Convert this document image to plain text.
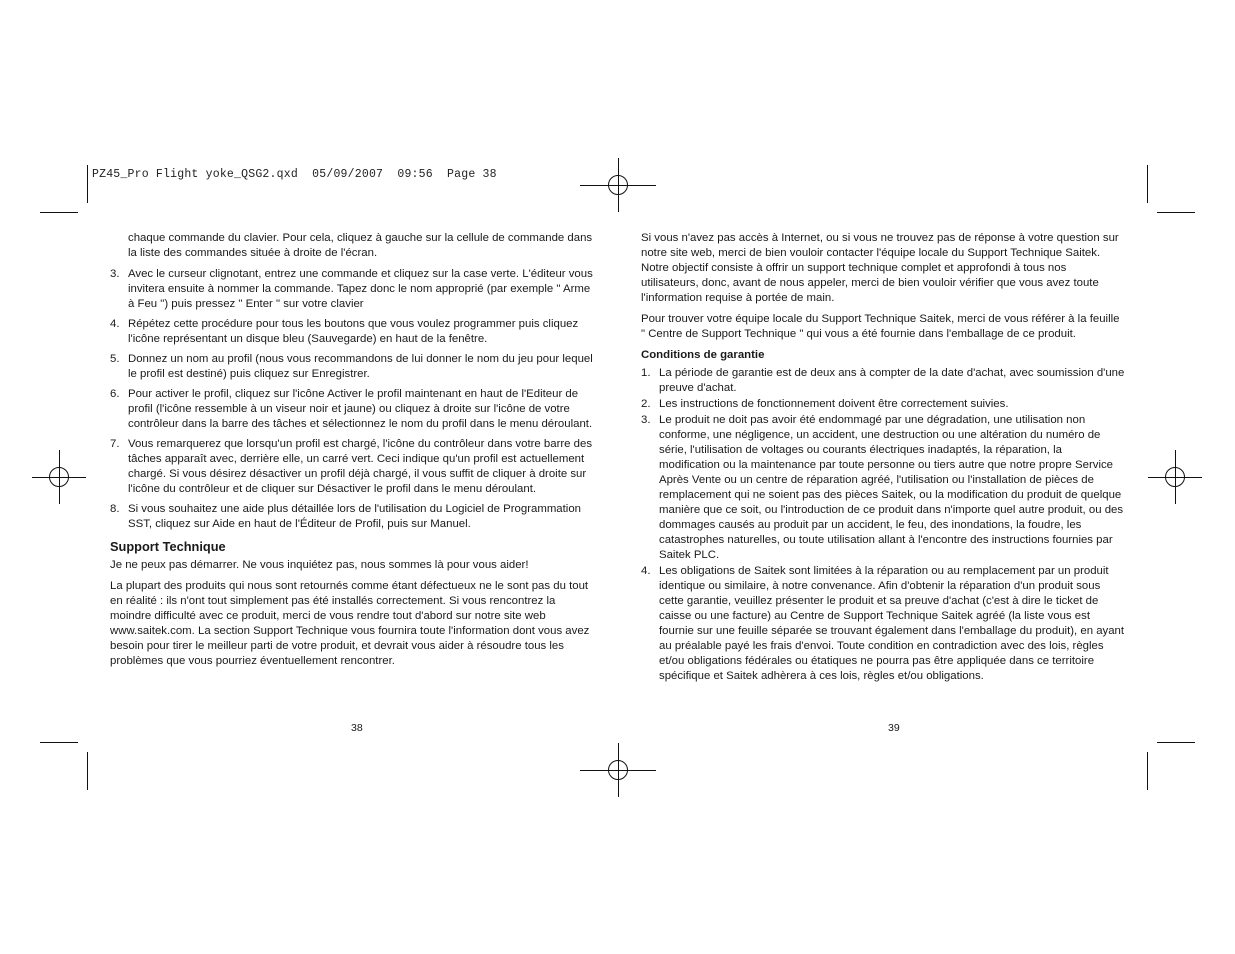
PZ45_Pro Flight yoke_QSG2.qxd  05/09/2007  09:56  Page 38

chaque commande du clavier. Pour cela, cliquez à gauche sur la cellule de commande dans la liste des commandes située à droite de l'écran.

3. Avec le curseur clignotant, entrez une commande et cliquez sur la case verte. L'éditeur vous invitera ensuite à nommer la commande. Tapez donc le nom approprié (par exemple " Arme à Feu ") puis pressez " Enter " sur votre clavier
4. Répétez cette procédure pour tous les boutons que vous voulez programmer puis cliquez l'icône représentant un disque bleu (Sauvegarde) en haut de la fenêtre.
5. Donnez un nom au profil (nous vous recommandons de lui donner le nom du jeu pour lequel le profil est destiné) puis cliquez sur Enregistrer.
6. Pour activer le profil, cliquez sur l'icône Activer le profil maintenant en haut de l'Editeur de profil (l'icône ressemble à un viseur noir et jaune) ou cliquez à droite sur l'icône de votre contrôleur dans la barre des tâches et sélectionnez le nom du profil dans le menu déroulant.
7. Vous remarquerez que lorsqu'un profil est chargé, l'icône du contrôleur dans votre barre des tâches apparaît avec, derrière elle, un carré vert. Ceci indique qu'un profil est actuellement chargé. Si vous désirez désactiver un profil déjà chargé, il vous suffit de cliquer à droite sur l'icône du contrôleur et de cliquer sur Désactiver le profil dans le menu déroulant.
8. Si vous souhaitez une aide plus détaillée lors de l'utilisation du Logiciel de Programmation SST, cliquez sur Aide en haut de l'Éditeur de Profil, puis sur Manuel.
Support Technique

Je ne peux pas démarrer. Ne vous inquiétez pas, nous sommes là pour vous aider!

La plupart des produits qui nous sont retournés comme étant défectueux ne le sont pas du tout en réalité : ils n'ont tout simplement pas été installés correctement. Si vous rencontrez la moindre difficulté avec ce produit, merci de vous rendre tout d'abord sur notre site web www.saitek.com. La section Support Technique vous fournira toute l'information dont vous avez besoin pour tirer le meilleur parti de votre produit, et devrait vous aider à résoudre tous les problèmes que vous pourriez éventuellement rencontrer.

38

Si vous n'avez pas accès à Internet, ou si vous ne trouvez pas de réponse à votre question sur notre site web, merci de bien vouloir contacter l'équipe locale du Support Technique Saitek. Notre objectif consiste à offrir un support technique complet et approfondi à tous nos utilisateurs, donc, avant de nous appeler, merci de bien vouloir vérifier que vous avez toute l'information requise à portée de main.

Pour trouver votre équipe locale du Support Technique Saitek, merci de vous référer à la feuille " Centre de Support Technique " qui vous a été fournie dans l'emballage de ce produit.

Conditions de garantie
1. La période de garantie est de deux ans à compter de la date d'achat, avec soumission d'une preuve d'achat.
2. Les instructions de fonctionnement doivent être correctement suivies.
3. Le produit ne doit pas avoir été endommagé par une dégradation, une utilisation non conforme, une négligence, un accident, une destruction ou une altération du numéro de série, l'utilisation de voltages ou courants électriques inadaptés, la réparation, la modification ou la maintenance par toute personne ou tiers autre que notre propre Service Après Vente ou un centre de réparation agréé, l'utilisation ou l'installation de pièces de remplacement qui ne soient pas des pièces Saitek, ou la modification du produit de quelque manière que ce soit, ou l'introduction de ce produit dans n'importe quel autre produit, ou des dommages causés au produit par un accident, le feu, des inondations, la foudre, les catastrophes naturelles, ou toute utilisation allant à l'encontre des instructions fournies par Saitek PLC.
4. Les obligations de Saitek sont limitées à la réparation ou au remplacement par un produit identique ou similaire, à notre convenance. Afin d'obtenir la réparation d'un produit sous cette garantie, veuillez présenter le produit et sa preuve d'achat (c'est à dire le ticket de caisse ou une facture) au Centre de Support Technique Saitek agréé (la liste vous est fournie sur une feuille séparée se trouvant également dans l'emballage du produit), en ayant au préalable payé les frais d'envoi. Toute condition en contradiction avec des lois, règles et/ou obligations fédérales ou étatiques ne pourra pas être appliquée dans ce territoire spécifique et Saitek adhèrera à ces lois, règles et/ou obligations.
39
